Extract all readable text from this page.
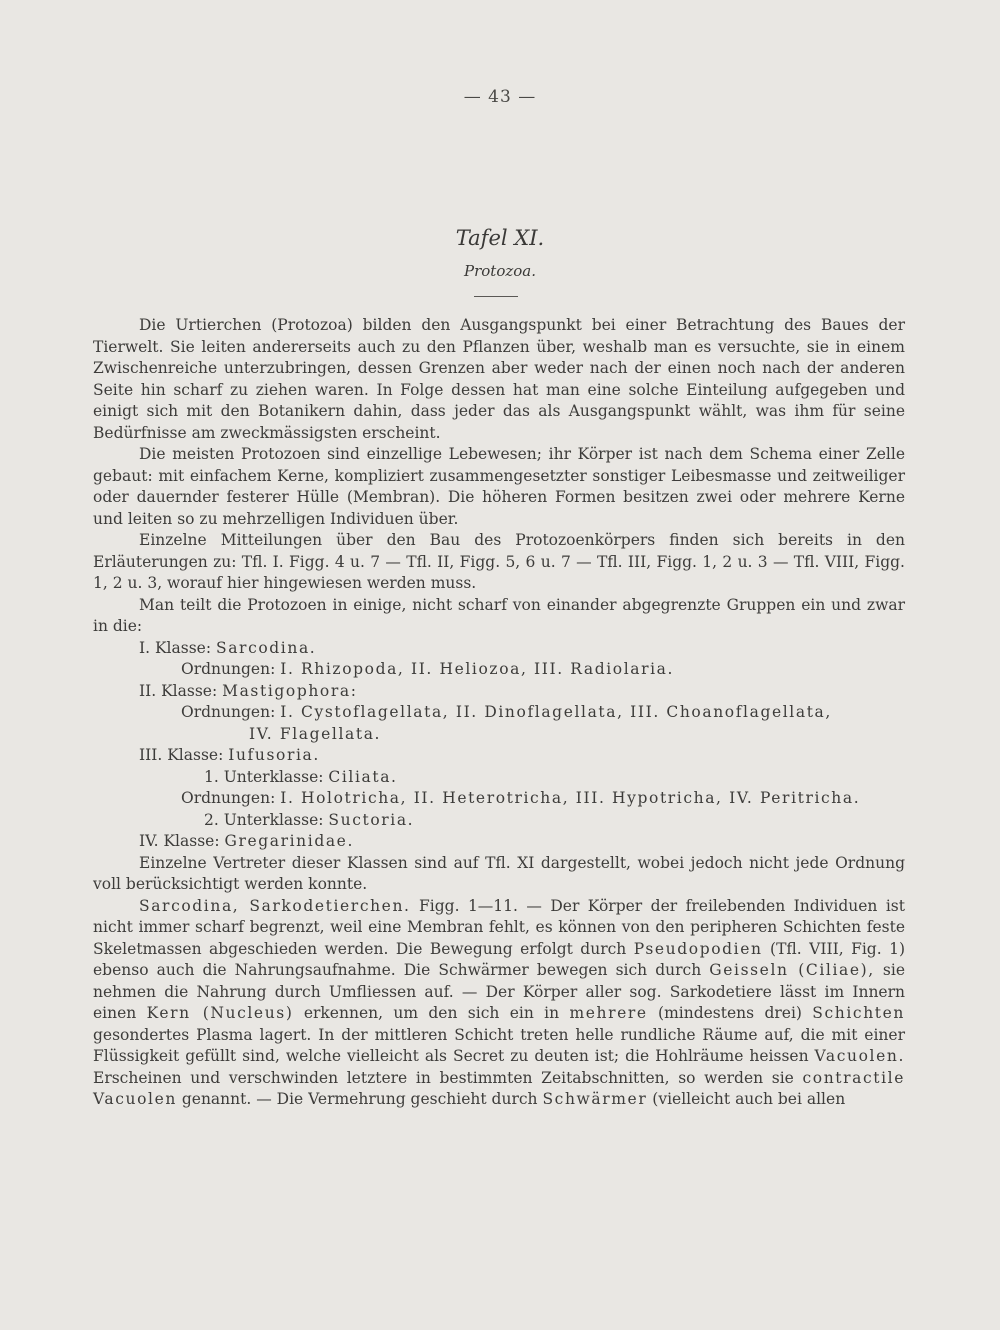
— 43 —
Tafel XI.
Protozoa.

Die Urtierchen (Protozoa) bilden den Ausgangspunkt bei einer Betrachtung des Baues der Tierwelt. Sie leiten andererseits auch zu den Pflanzen über, weshalb man es versuchte, sie in einem Zwischenreiche unterzubringen, dessen Grenzen aber weder nach der einen noch nach der anderen Seite hin scharf zu ziehen waren. In Folge dessen hat man eine solche Einteilung aufgegeben und einigt sich mit den Botanikern dahin, dass jeder das als Ausgangspunkt wählt, was ihm für seine Bedürfnisse am zweckmässigsten erscheint.

Die meisten Protozoen sind einzellige Lebewesen; ihr Körper ist nach dem Schema einer Zelle gebaut: mit einfachem Kerne, kompliziert zusammengesetzter sonstiger Leibesmasse und zeitweiliger oder dauernder festerer Hülle (Membran). Die höheren Formen besitzen zwei oder mehrere Kerne und leiten so zu mehrzelligen Individuen über.

Einzelne Mitteilungen über den Bau des Protozoenkörpers finden sich bereits in den Erläuterungen zu: Tfl. I. Figg. 4 u. 7 — Tfl. II, Figg. 5, 6 u. 7 — Tfl. III, Figg. 1, 2 u. 3 — Tfl. VIII, Figg. 1, 2 u. 3, worauf hier hingewiesen werden muss.

Man teilt die Protozoen in einige, nicht scharf von einander abgegrenzte Gruppen ein und zwar in die:

I. Klasse: Sarcodina.
Ordnungen: I. Rhizopoda, II. Heliozoa, III. Radiolaria.
II. Klasse: Mastigophora:
Ordnungen: I. Cystoflagellata, II. Dinoflagellata, III. Choanoflagellata,
IV. Flagellata.
III. Klasse: Iufusoria.
1. Unterklasse: Ciliata.
Ordnungen: I. Holotricha, II. Heterotricha, III. Hypotricha, IV. Peritricha.
2. Unterklasse: Suctoria.
IV. Klasse: Gregarinidae.

Einzelne Vertreter dieser Klassen sind auf Tfl. XI dargestellt, wobei jedoch nicht jede Ordnung voll berücksichtigt werden konnte.

Sarcodina, Sarkodetierchen. Figg. 1—11. — Der Körper der freilebenden Individuen ist nicht immer scharf begrenzt, weil eine Membran fehlt, es können von den peripheren Schichten feste Skeletmassen abgeschieden werden. Die Bewegung erfolgt durch Pseudopodien (Tfl. VIII, Fig. 1) ebenso auch die Nahrungsaufnahme. Die Schwärmer bewegen sich durch Geisseln (Ciliae), sie nehmen die Nahrung durch Umfliessen auf. — Der Körper aller sog. Sarkodetiere lässt im Innern einen Kern (Nucleus) erkennen, um den sich ein in mehrere (mindestens drei) Schichten gesondertes Plasma lagert. In der mittleren Schicht treten helle rundliche Räume auf, die mit einer Flüssigkeit gefüllt sind, welche vielleicht als Secret zu deuten ist; die Hohlräume heissen Vacuolen. Erscheinen und verschwinden letztere in bestimmten Zeitabschnitten, so werden sie contractile Vacuolen genannt. — Die Vermehrung geschieht durch Schwärmer (vielleicht auch bei allen
